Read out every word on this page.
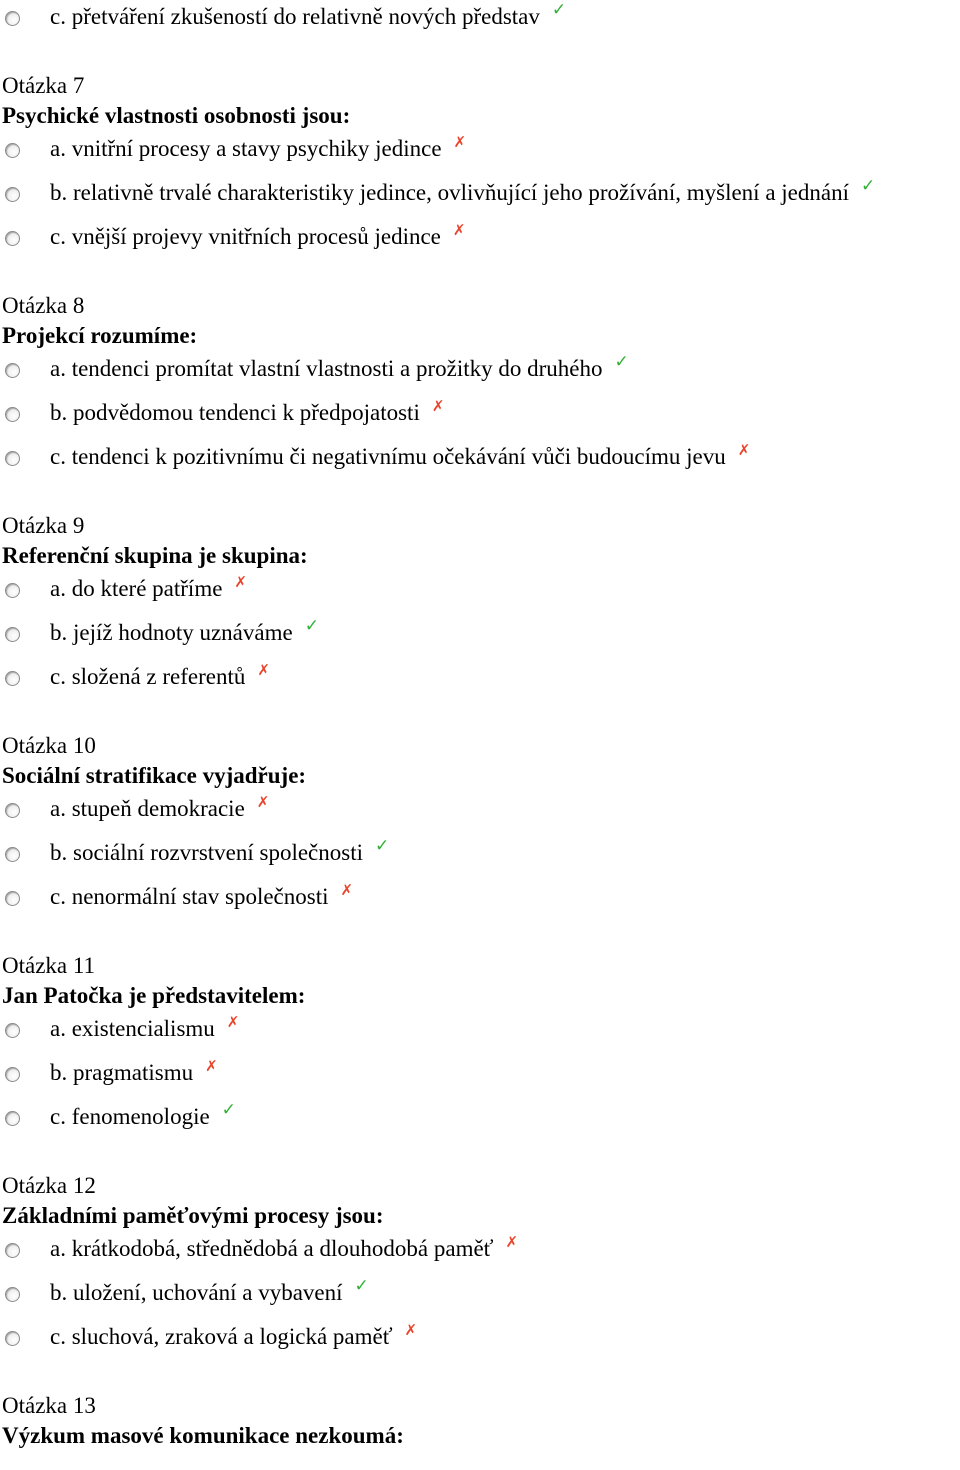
c. přetváření zkušeností do relativně nových představ ✓
Otázka 7
Psychické vlastnosti osobnosti jsou:
a. vnitřní procesy a stavy psychiky jedince ✗
b. relativně trvalé charakteristiky jedince, ovlivňující jeho prožívání, myšlení a jednání ✓
c. vnější projevy vnitřních procesů jedince ✗
Otázka 8
Projekcí rozumíme:
a. tendenci promítat vlastní vlastnosti a prožitky do druhého ✓
b. podvědomou tendenci k předpojatosti ✗
c. tendenci k pozitivnímu či negativnímu očekávání vůči budoucímu jevu ✗
Otázka 9
Referenční skupina je skupina:
a. do které patříme ✗
b. jejíž hodnoty uznáváme ✓
c. složená z referentů ✗
Otázka 10
Sociální stratifikace vyjadřuje:
a. stupeň demokracie ✗
b. sociální rozvrstvení společnosti ✓
c. nenormální stav společnosti ✗
Otázka 11
Jan Patočka je představitelem:
a. existencialismu ✗
b. pragmatismu ✗
c. fenomenologie ✓
Otázka 12
Základními paměťovými procesy jsou:
a. krátkodobá, střednědobá a dlouhodobá paměť ✗
b. uložení, uchování a vybavení ✓
c. sluchová, zraková a logická paměť ✗
Otázka 13
Výzkum masové komunikace nezkoumá:
